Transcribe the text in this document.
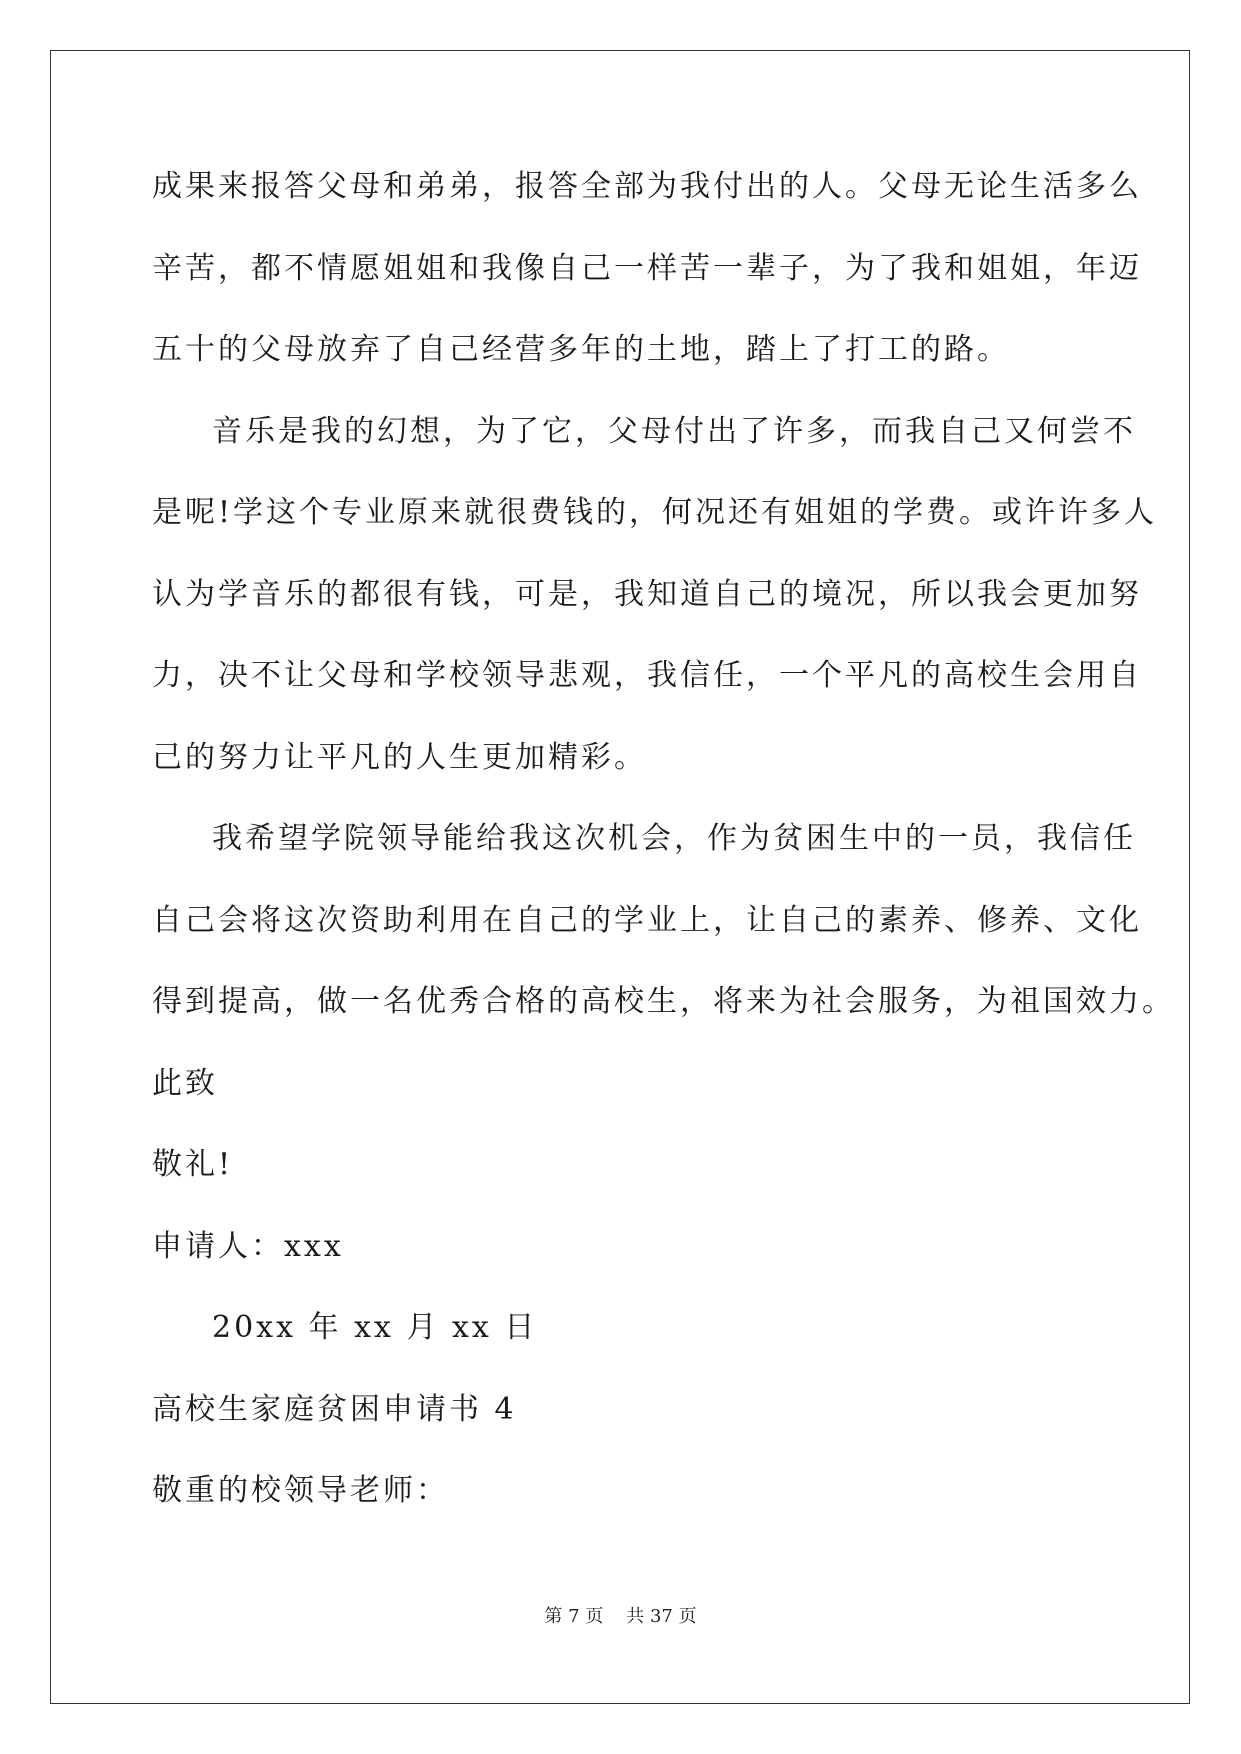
成果来报答父母和弟弟，报答全部为我付出的人。父母无论生活多么
辛苦，都不情愿姐姐和我像自己一样苦一辈子，为了我和姐姐，年迈
五十的父母放弃了自己经营多年的土地，踏上了打工的路。
音乐是我的幻想，为了它，父母付出了许多，而我自己又何尝不
是呢!学这个专业原来就很费钱的，何况还有姐姐的学费。或许许多人
认为学音乐的都很有钱，可是，我知道自己的境况，所以我会更加努
力，决不让父母和学校领导悲观，我信任，一个平凡的高校生会用自
己的努力让平凡的人生更加精彩。
我希望学院领导能给我这次机会，作为贫困生中的一员，我信任
自己会将这次资助利用在自己的学业上，让自己的素养、修养、文化
得到提高，做一名优秀合格的高校生，将来为社会服务，为祖国效力。
此致
敬礼!
申请人：xxx
20xx 年 xx 月 xx 日
高校生家庭贫困申请书 4
敬重的校领导老师：
第 7 页 共 37 页
